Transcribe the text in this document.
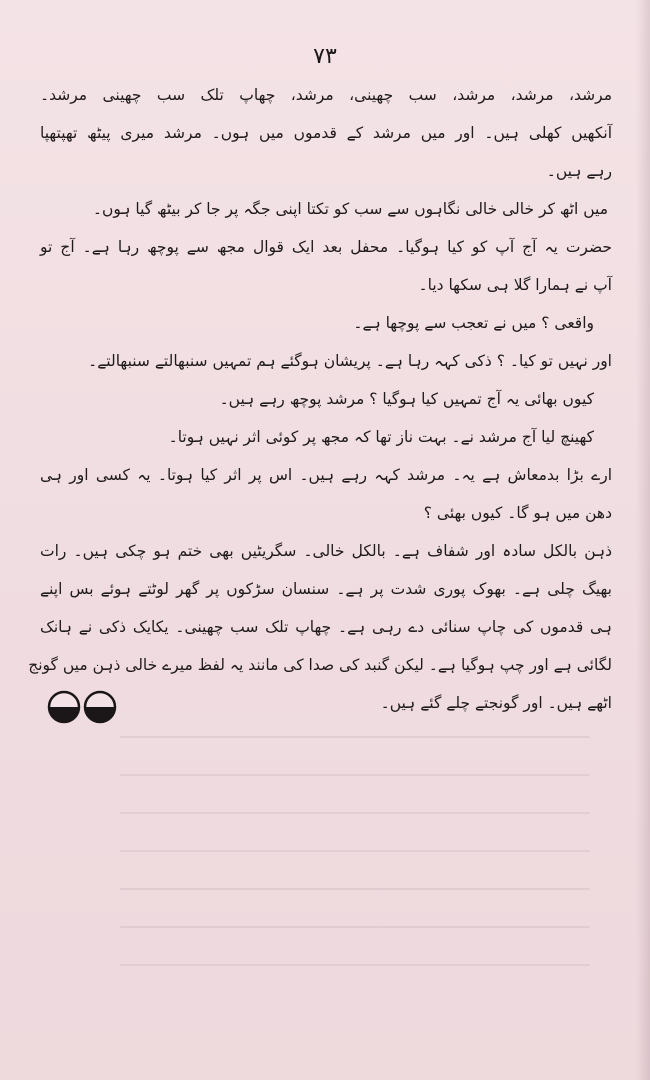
٧٣
مرشد، مرشد، مرشد، سب چھینی، مرشد، چھاپ تلک سب چھینی مرشد۔
آنکھیں کھلی ہیں۔ اور میں مرشد کے قدموں میں ہوں۔ مرشد میری پیٹھ تھپتھپا
رہے ہیں۔
میں اٹھ کر خالی خالی نگاہوں سے سب کو تکتا اپنی جگہ پر جا کر بیٹھ گیا ہوں۔
حضرت یہ آج آپ کو کیا ہوگیا۔ محفل بعد ایک قوال مجھ سے پوچھ رہا ہے۔ آج تو
آپ نے ہمارا گلا ہی سکھا دیا۔
واقعی ؟ میں نے تعجب سے پوچھا ہے۔
اور نہیں تو کیا۔ ؟ ذکی کہہ رہا ہے۔ پریشان ہوگئے ہم تمہیں سنبھالتے سنبھالتے۔
کیوں بھائی یہ آج تمہیں کیا ہوگیا ؟ مرشد پوچھ رہے ہیں۔
کھینچ لیا آج مرشد نے۔ بہت ناز تھا کہ مجھ پر کوئی اثر نہیں ہوتا۔
ارے بڑا بدمعاش ہے یہ۔ مرشد کہہ رہے ہیں۔ اس پر اثر کیا ہوتا۔ یہ کسی اور ہی
دھن میں ہو گا۔ کیوں بھئی ؟
ذہن بالکل سادہ اور شفاف ہے۔ بالکل خالی۔ سگریٹیں بھی ختم ہو چکی ہیں۔ رات
بھیگ چلی ہے۔ بھوک پوری شدت پر ہے۔ سنسان سڑکوں پر گھر لوٹتے ہوئے بس اپنے
ہی قدموں کی چاپ سنائی دے رہی ہے۔ چھاپ تلک سب چھینی۔ یکایک ذکی نے ہانک
لگائی ہے اور چپ ہوگیا ہے۔ لیکن گنبد کی صدا کی مانند یہ لفظ میرے خالی ذہن میں گونج
اٹھے ہیں۔ اور گونجتے چلے گئے ہیں۔
